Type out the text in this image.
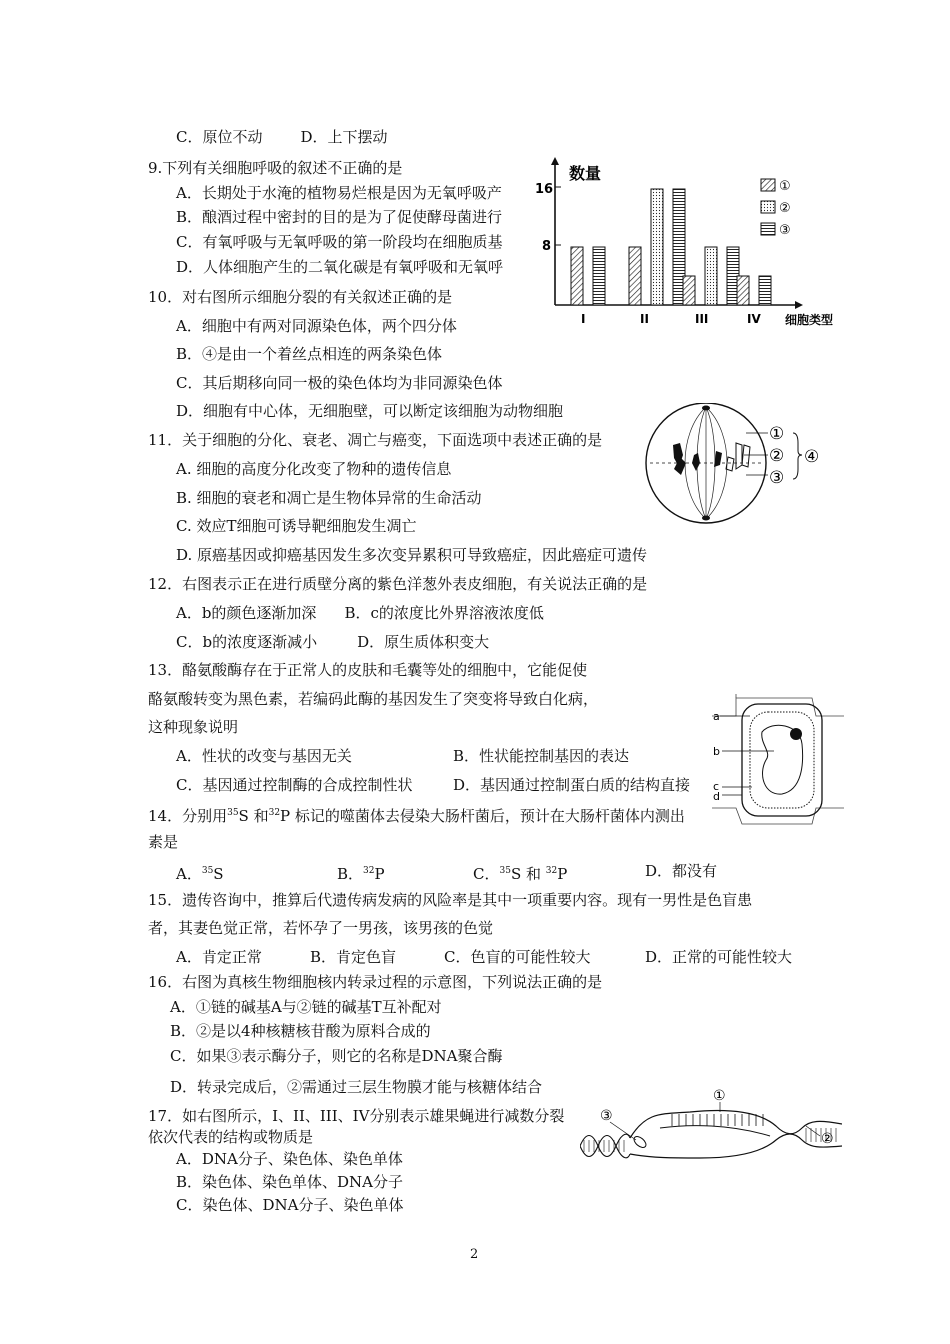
C．原位不动	D．上下摆动
9.下列有关细胞呼吸的叙述不正确的是
A．长期处于水淹的植物易烂根是因为无氧呼吸产
B．酿酒过程中密封的目的是为了促使酵母菌进行
C．有氧呼吸与无氧呼吸的第一阶段均在细胞质基
D．人体细胞产生的二氧化碳是有氧呼吸和无氧呼
10．对右图所示细胞分裂的有关叙述正确的是
A．细胞中有两对同源染色体，两个四分体
B．④是由一个着丝点相连的两条染色体
C．其后期移向同一极的染色体均为非同源染色体
D．细胞有中心体，无细胞壁，可以断定该细胞为动物细胞
11．关于细胞的分化、衰老、凋亡与癌变，下面选项中表述正确的是
A. 细胞的高度分化改变了物种的遗传信息
B. 细胞的衰老和凋亡是生物体异常的生命活动
C. 效应T细胞可诱导靶细胞发生凋亡
D. 原癌基因或抑癌基因发生多次变异累积可导致癌症，因此癌症可遗传
12．右图表示正在进行质壁分离的紫色洋葱外表皮细胞，有关说法正确的是
A．b的颜色逐渐加深 B．c的浓度比外界溶液浓度低
C．b的浓度逐渐减小	D．原生质体积变大
13．酪氨酸酶存在于正常人的皮肤和毛囊等处的细胞中，它能促使
酪氨酸转变为黑色素，若编码此酶的基因发生了突变将导致白化病，
这种现象说明
A．性状的改变与基因无关	B．性状能控制基因的表达
C．基因通过控制酶的合成控制性状	D．基因通过控制蛋白质的结构直接
14．分别用$^{35}$S 和$^{32}$P 标记的噬菌体去侵染大肠杆菌后，预计在大肠杆菌体内测出
素是
A．$^{35}$S	B．$^{32}$P	C．$^{35}$S 和 $^{32}$P	D．都没有
15．遗传咨询中，推算后代遗传病发病的风险率是其中一项重要内容。现有一男性是色盲患
者，其妻色觉正常，若怀孕了一男孩，该男孩的色觉
A．肯定正常	B．肯定色盲	C．色盲的可能性较大	D．正常的可能性较大
16．右图为真核生物细胞核内转录过程的示意图，下列说法正确的是
A．①链的碱基A与②链的碱基T互补配对
B．②是以4种核糖核苷酸为原料合成的
C．如果③表示酶分子，则它的名称是DNA聚合酶
D．转录完成后，②需通过三层生物膜才能与核糖体结合
17．如右图所示，I、II、III、IV分别表示雄果蝇进行减数分裂
依次代表的结构或物质是
A．DNA分子、染色体、染色单体
B．染色体、染色单体、DNA分子
C．染色体、DNA分子、染色单体
数量
16
8
I	II	III	IV 细胞类型
①
②
③
①
②
③
④
a
b
c
d
①
②
③
2
